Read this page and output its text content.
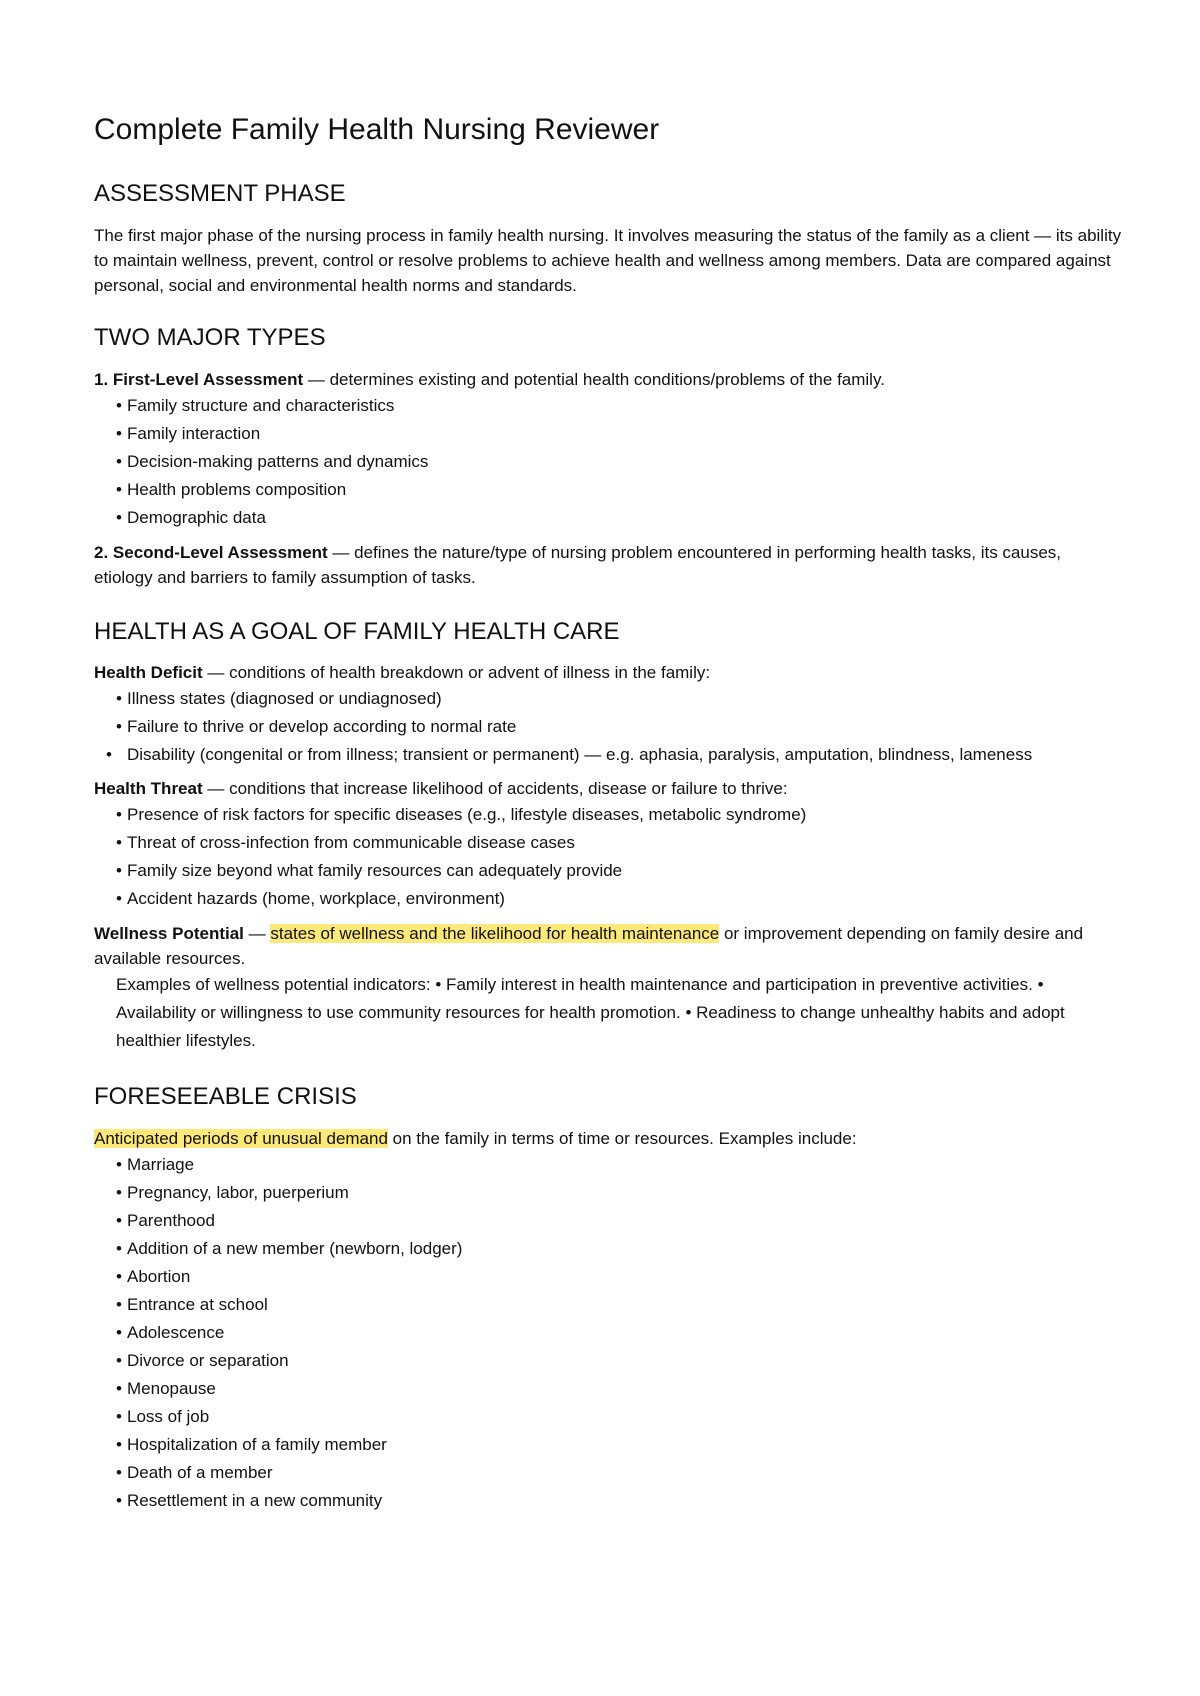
Complete Family Health Nursing Reviewer
ASSESSMENT PHASE

The first major phase of the nursing process in family health nursing. It involves measuring the status of the family as a client — its ability to maintain wellness, prevent, control or resolve problems to achieve health and wellness among members. Data are compared against personal, social and environmental health norms and standards.

TWO MAJOR TYPES

1. First-Level Assessment — determines existing and potential health conditions/problems of the family.

• Family structure and characteristics
• Family interaction
• Decision-making patterns and dynamics
• Health problems composition
• Demographic data

2. Second-Level Assessment — defines the nature/type of nursing problem encountered in performing health tasks, its causes, etiology and barriers to family assumption of tasks.

HEALTH AS A GOAL OF FAMILY HEALTH CARE

Health Deficit — conditions of health breakdown or advent of illness in the family:

• Illness states (diagnosed or undiagnosed)
• Failure to thrive or develop according to normal rate
• Disability (congenital or from illness; transient or permanent) — e.g. aphasia, paralysis, amputation, blindness, lameness

Health Threat — conditions that increase likelihood of accidents, disease or failure to thrive:

• Presence of risk factors for specific diseases (e.g., lifestyle diseases, metabolic syndrome)
• Threat of cross-infection from communicable disease cases
• Family size beyond what family resources can adequately provide
• Accident hazards (home, workplace, environment)

Wellness Potential — states of wellness and the likelihood for health maintenance or improvement depending on family desire and available resources.

Examples of wellness potential indicators: • Family interest in health maintenance and participation in preventive activities. • Availability or willingness to use community resources for health promotion. • Readiness to change unhealthy habits and adopt healthier lifestyles.

FORESEEABLE CRISIS

Anticipated periods of unusual demand on the family in terms of time or resources. Examples include:

• Marriage
• Pregnancy, labor, puerperium
• Parenthood
• Addition of a new member (newborn, lodger)
• Abortion
• Entrance at school
• Adolescence
• Divorce or separation
• Menopause
• Loss of job
• Hospitalization of a family member
• Death of a member
• Resettlement in a new community
